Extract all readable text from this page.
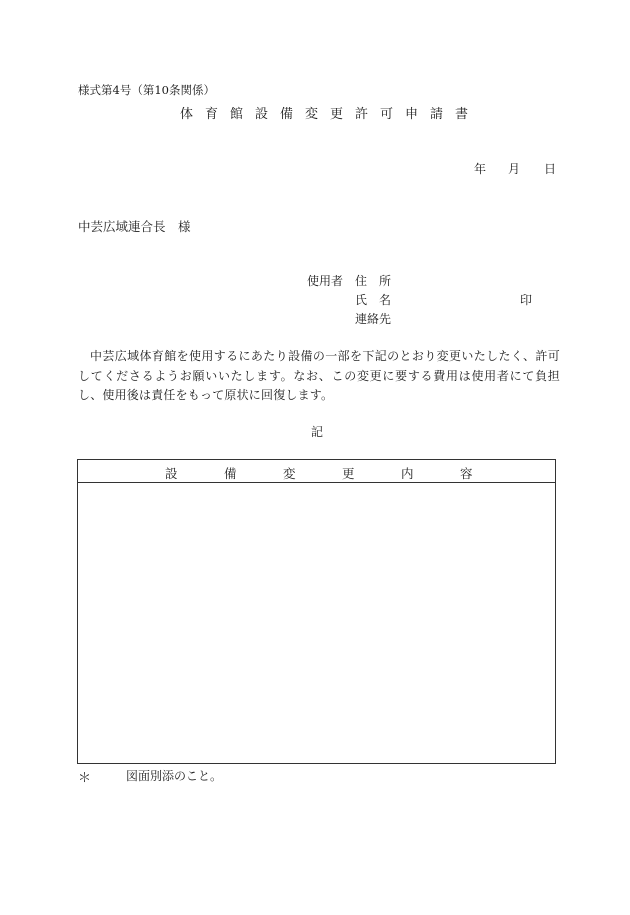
様式第4号（第10条関係）
体 育 館 設 備 変 更 許 可 申 請 書
年 月 日
中芸広域連合長　様
使用者 住　所
氏　名	印
連絡先
中芸広域体育館を使用するにあたり設備の一部を下記のとおり変更いたしたく、許可してくださるようお願いいたします。なお、この変更に要する費用は使用者にて負担し、使用後は責任をもって原状に回復します。
記
設	備	変	更	内	容
＊	図面別添のこと。
